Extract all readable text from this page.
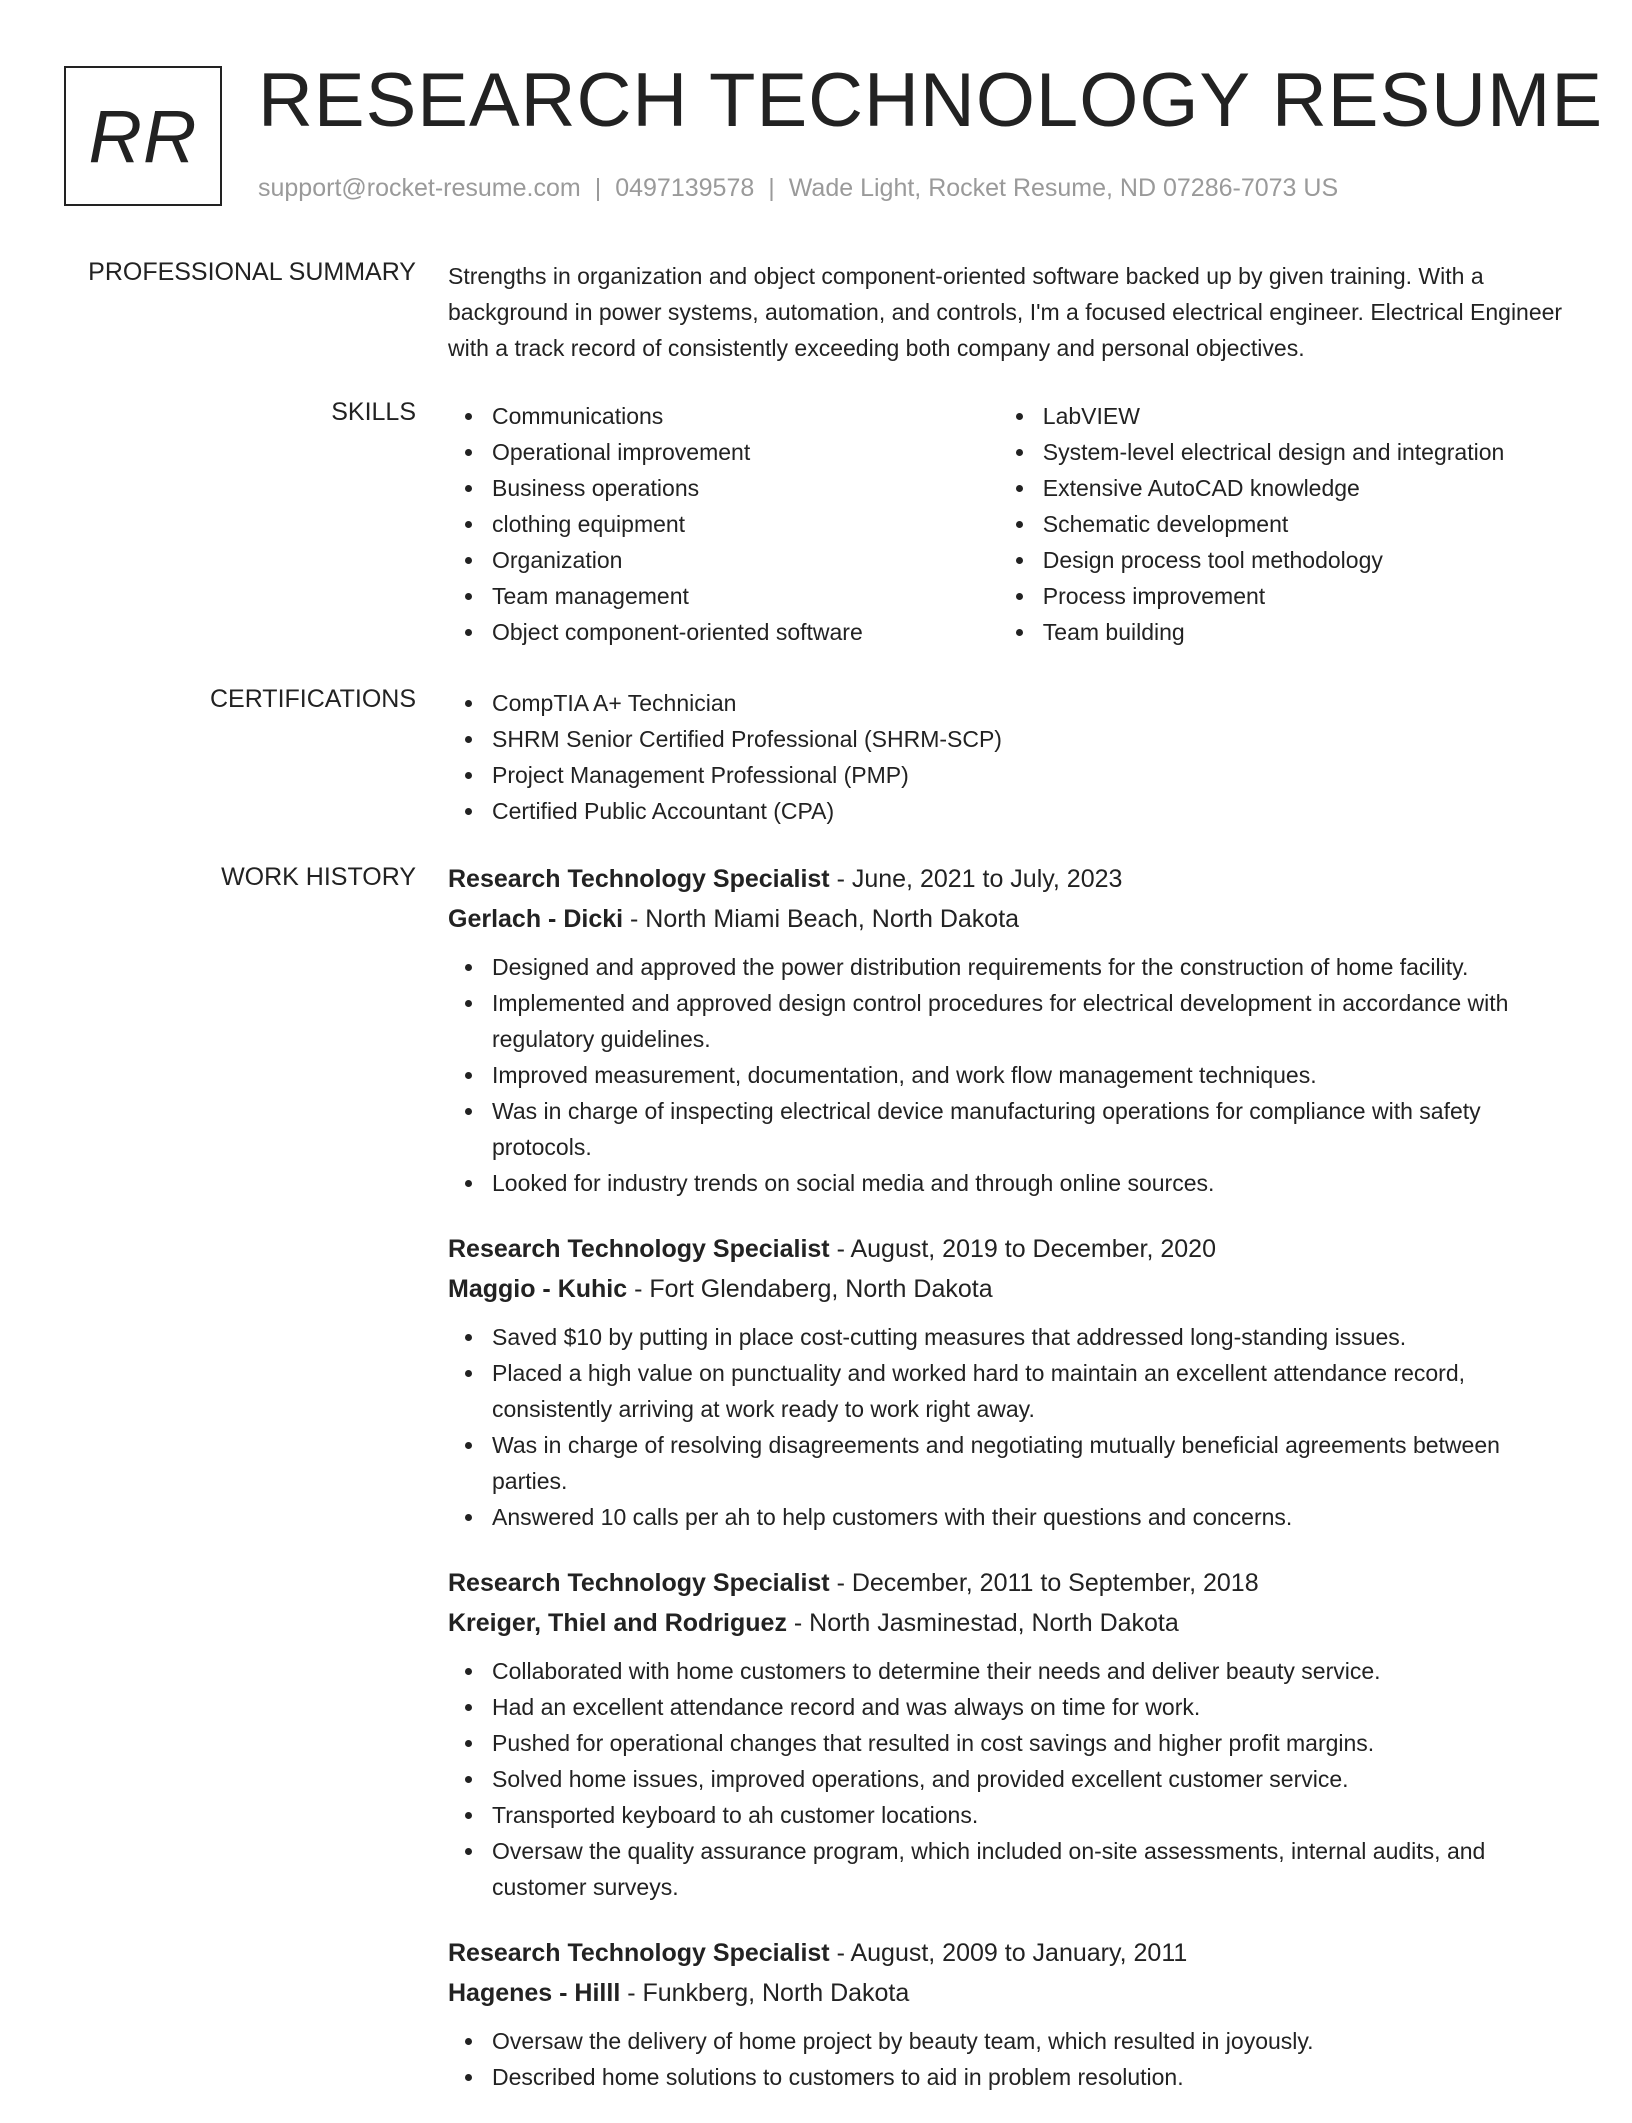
RR RESEARCH TECHNOLOGY RESUME
support@rocket-resume.com | 0497139578 | Wade Light, Rocket Resume, ND 07286-7073 US
PROFESSIONAL SUMMARY Strengths in organization and object component-oriented software backed up by given training. With a background in power systems, automation, and controls, I'm a focused electrical engineer. Electrical Engineer with a track record of consistently exceeding both company and personal objectives.
SKILLS	Communications
Operational improvement
Business operations
clothing equipment
Organization
Team management
Object component-oriented software
LabVIEW
System-level electrical design and integration
Extensive AutoCAD knowledge
Schematic development
Design process tool methodology
Process improvement
Team building
CERTIFICATIONS	CompTIA A+ Technician
SHRM Senior Certified Professional (SHRM-SCP)
Project Management Professional (PMP)
Certified Public Accountant (CPA)
WORK HISTORY Research Technology Specialist - June, 2021 to July, 2023
Gerlach - Dicki - North Miami Beach, North Dakota
Designed and approved the power distribution requirements for the construction of home facility.
Implemented and approved design control procedures for electrical development in accordance with regulatory guidelines.
Improved measurement, documentation, and work flow management techniques.
Was in charge of inspecting electrical device manufacturing operations for compliance with safety protocols.
Looked for industry trends on social media and through online sources.
Research Technology Specialist - August, 2019 to December, 2020
Maggio - Kuhic - Fort Glendaberg, North Dakota
Saved $10 by putting in place cost-cutting measures that addressed long-standing issues.
Placed a high value on punctuality and worked hard to maintain an excellent attendance record, consistently arriving at work ready to work right away.
Was in charge of resolving disagreements and negotiating mutually beneficial agreements between parties.
Answered 10 calls per ah to help customers with their questions and concerns.
Research Technology Specialist - December, 2011 to September, 2018
Kreiger, Thiel and Rodriguez - North Jasminestad, North Dakota
Collaborated with home customers to determine their needs and deliver beauty service.
Had an excellent attendance record and was always on time for work.
Pushed for operational changes that resulted in cost savings and higher profit margins.
Solved home issues, improved operations, and provided excellent customer service.
Transported keyboard to ah customer locations.
Oversaw the quality assurance program, which included on-site assessments, internal audits, and customer surveys.
Research Technology Specialist - August, 2009 to January, 2011
Hagenes - Hilll - Funkberg, North Dakota
Oversaw the delivery of home project by beauty team, which resulted in joyously.
Described home solutions to customers to aid in problem resolution.
